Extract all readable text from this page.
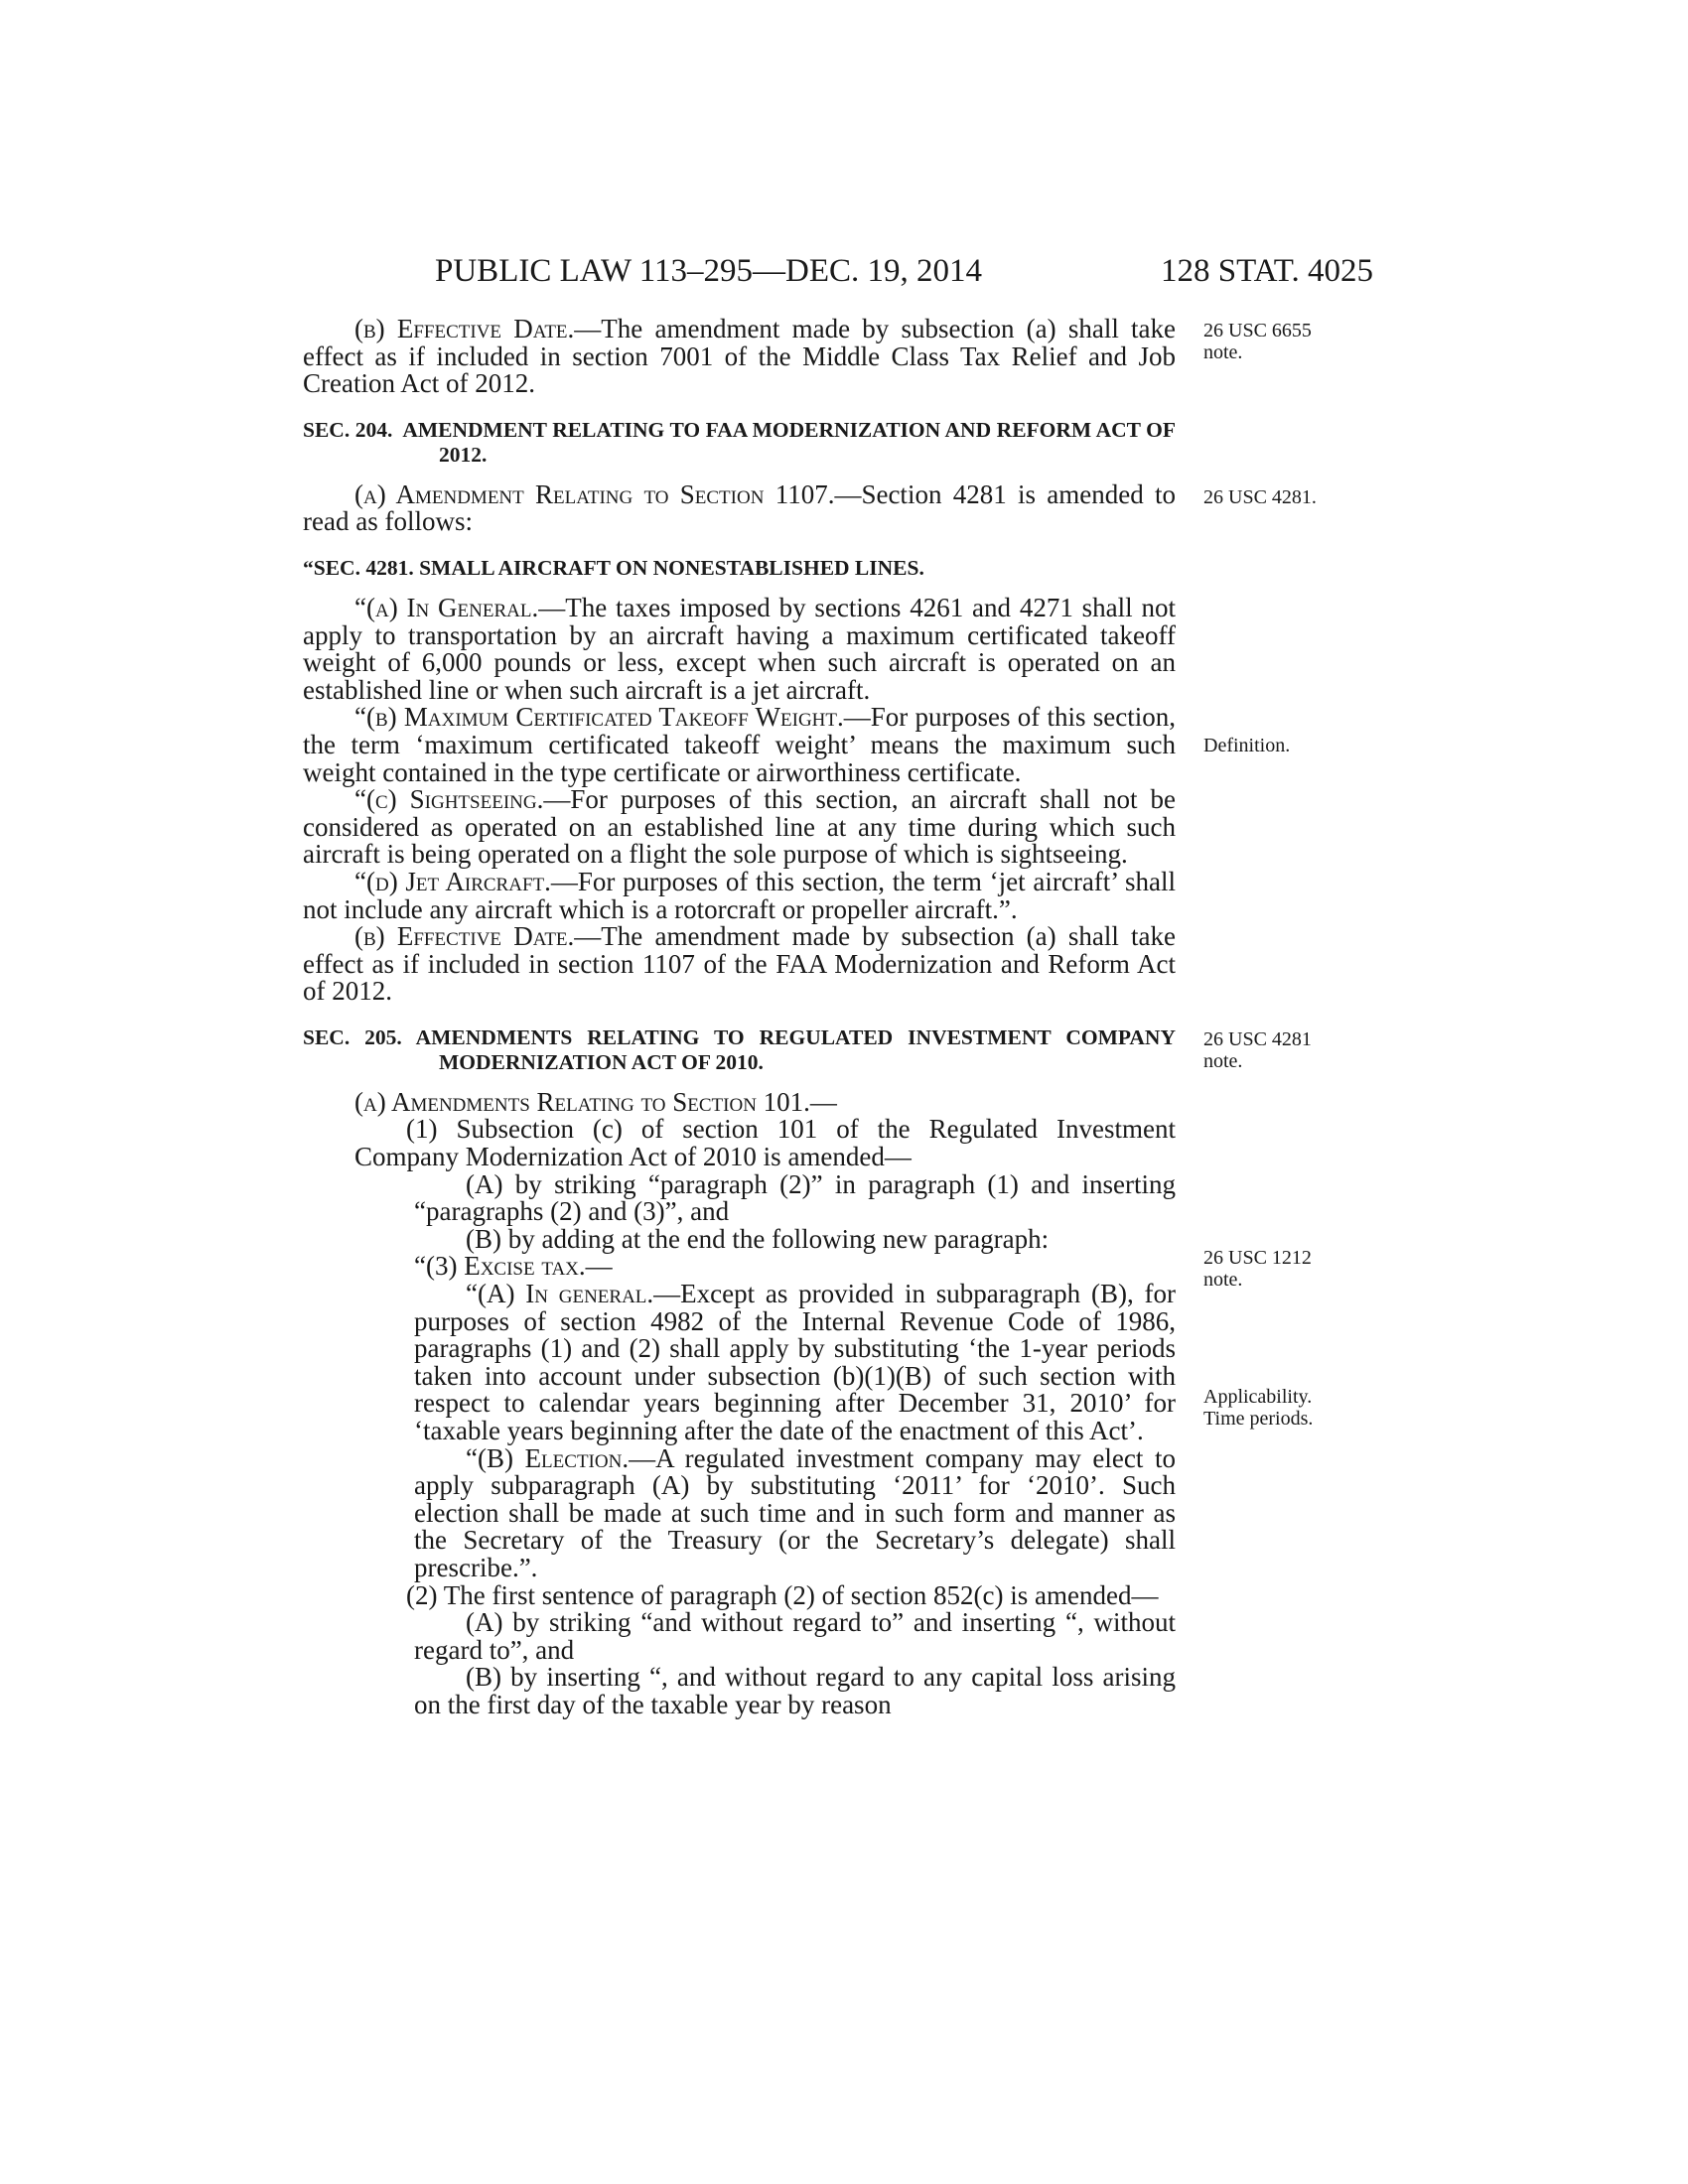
PUBLIC LAW 113–295—DEC. 19, 2014	128 STAT. 4025

(b) Effective Date.—The amendment made by subsection (a) shall take effect as if included in section 7001 of the Middle Class Tax Relief and Job Creation Act of 2012.

SEC. 204. AMENDMENT RELATING TO FAA MODERNIZATION AND REFORM ACT OF 2012.

(a) Amendment Relating to Section 1107.—Section 4281 is amended to read as follows:

“SEC. 4281. SMALL AIRCRAFT ON NONESTABLISHED LINES.

“(a) In General.—The taxes imposed by sections 4261 and 4271 shall not apply to transportation by an aircraft having a maximum certificated takeoff weight of 6,000 pounds or less, except when such aircraft is operated on an established line or when such aircraft is a jet aircraft.

“(b) Maximum Certificated Takeoff Weight.—For purposes of this section, the term ‘maximum certificated takeoff weight’ means the maximum such weight contained in the type certificate or airworthiness certificate.

“(c) Sightseeing.—For purposes of this section, an aircraft shall not be considered as operated on an established line at any time during which such aircraft is being operated on a flight the sole purpose of which is sightseeing.

“(d) Jet Aircraft.—For purposes of this section, the term ‘jet aircraft’ shall not include any aircraft which is a rotorcraft or propeller aircraft.”.

(b) Effective Date.—The amendment made by subsection (a) shall take effect as if included in section 1107 of the FAA Modernization and Reform Act of 2012.

SEC. 205. AMENDMENTS RELATING TO REGULATED INVESTMENT COMPANY MODERNIZATION ACT OF 2010.

(a) Amendments Relating to Section 101.—

(1) Subsection (c) of section 101 of the Regulated Investment Company Modernization Act of 2010 is amended—

(A) by striking “paragraph (2)” in paragraph (1) and inserting “paragraphs (2) and (3)”, and

(B) by adding at the end the following new paragraph:

“(3) Excise tax.—

“(A) In general.—Except as provided in subparagraph (B), for purposes of section 4982 of the Internal Revenue Code of 1986, paragraphs (1) and (2) shall apply by substituting ‘the 1-year periods taken into account under subsection (b)(1)(B) of such section with respect to calendar years beginning after December 31, 2010’ for ‘taxable years beginning after the date of the enactment of this Act’.

“(B) Election.—A regulated investment company may elect to apply subparagraph (A) by substituting ‘2011’ for ‘2010’. Such election shall be made at such time and in such form and manner as the Secretary of the Treasury (or the Secretary’s delegate) shall prescribe.”.

(2) The first sentence of paragraph (2) of section 852(c) is amended—

(A) by striking “and without regard to” and inserting “, without regard to”, and

(B) by inserting “, and without regard to any capital loss arising on the first day of the taxable year by reason

26 USC 6655
note.
26 USC 4281.
Definition.
26 USC 4281
note.
26 USC 1212
note.
Applicability.
Time periods.
